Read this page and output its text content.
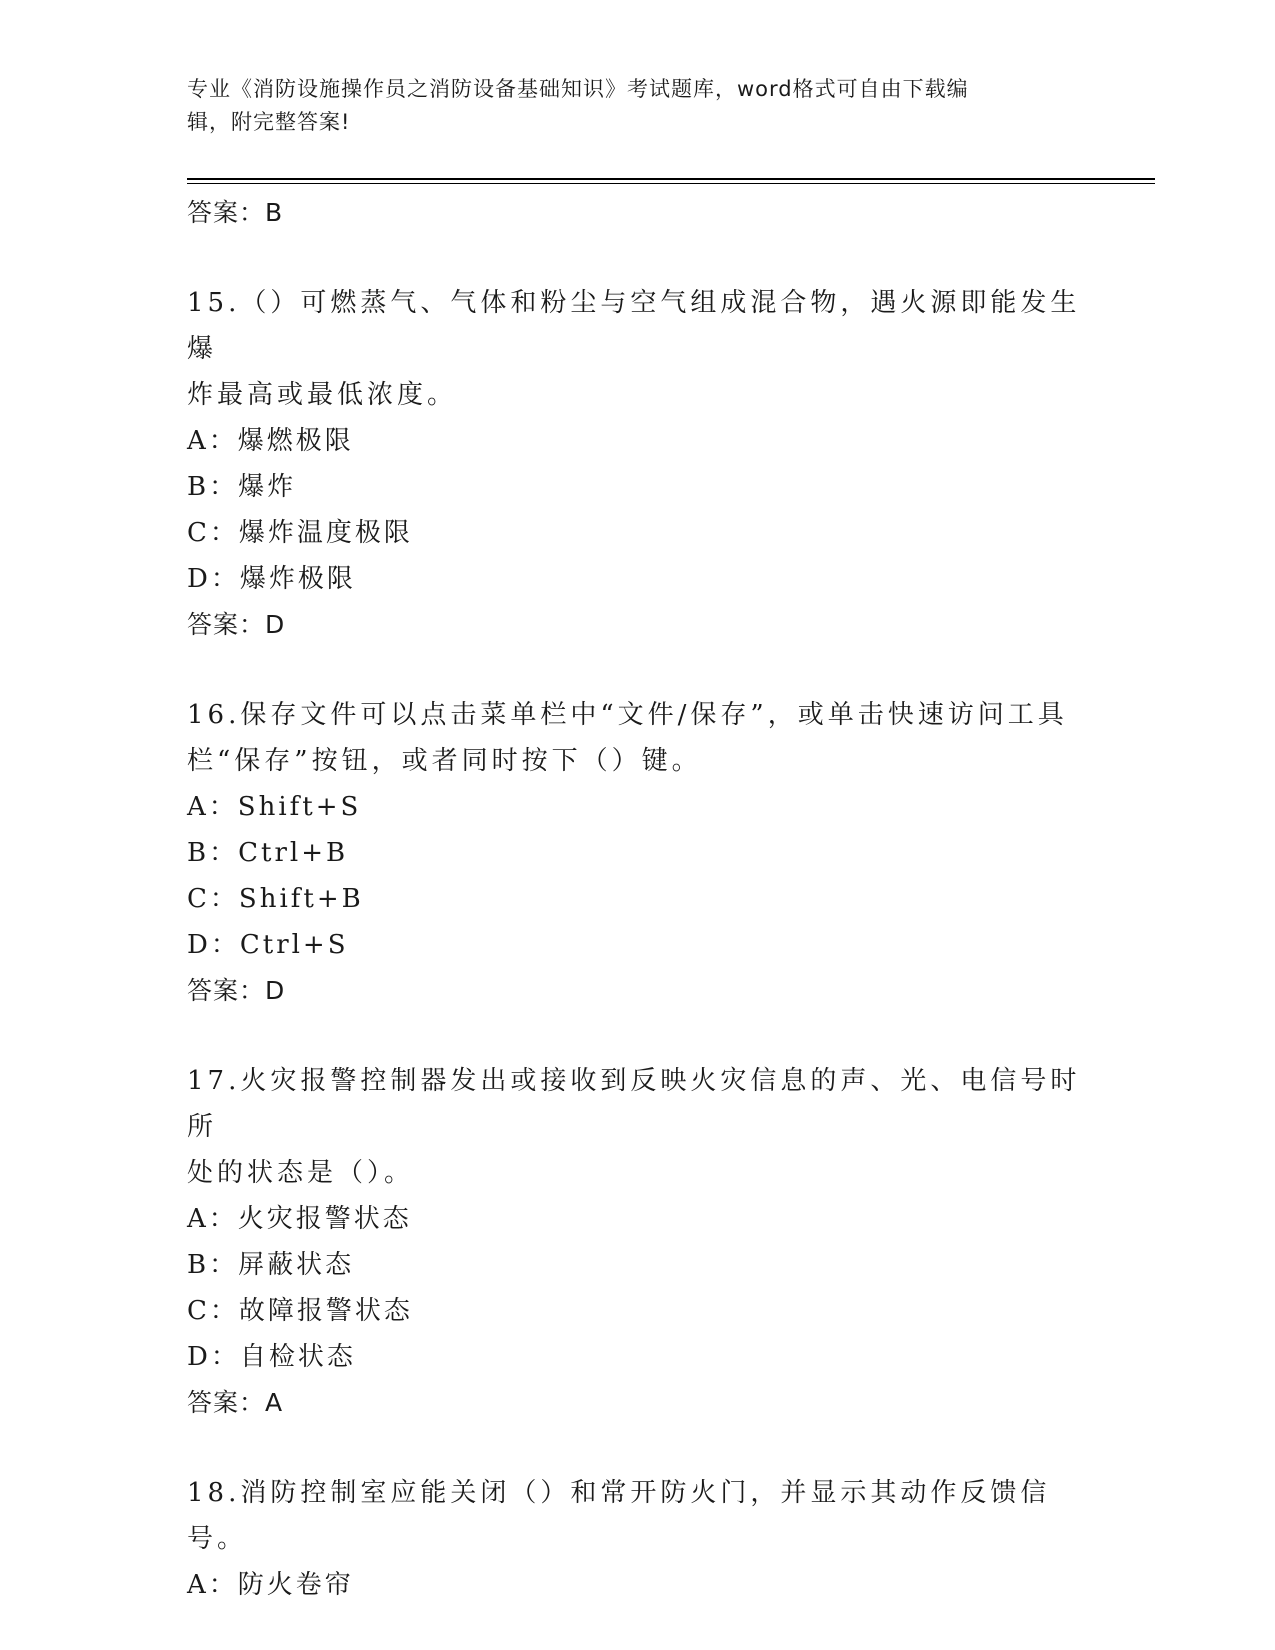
专业《消防设施操作员之消防设备基础知识》考试题库，word格式可自由下载编
辑，附完整答案!
答案：B
15.（）可燃蒸气、气体和粉尘与空气组成混合物，遇火源即能发生爆
炸最高或最低浓度。
A：爆燃极限
B：爆炸
C：爆炸温度极限
D：爆炸极限
答案：D
16.保存文件可以点击菜单栏中“文件/保存”，或单击快速访问工具
栏“保存”按钮，或者同时按下（）键。
A：Shift+S
B：Ctrl+B
C：Shift+B
D：Ctrl+S
答案：D
17.火灾报警控制器发出或接收到反映火灾信息的声、光、电信号时所
处的状态是（）。
A：火灾报警状态
B：屏蔽状态
C：故障报警状态
D：自检状态
答案：A
18.消防控制室应能关闭（）和常开防火门，并显示其动作反馈信号。
A：防火卷帘
